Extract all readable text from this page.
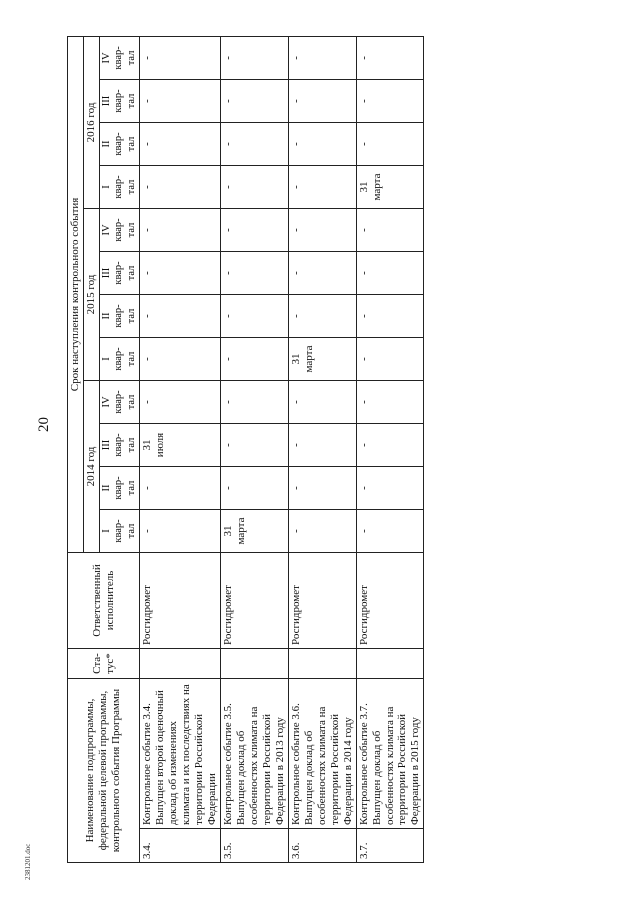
20
2381201.doc
Наименование подпрограммы, федеральной целевой программы, контрольного события Программы		Ста-тус*	Ответственный исполнитель	Срок наступления контрольного события											
				2014 год				2015 год				2016 год			

				I квар-тал	II квар-тал	III квар-тал	IV квар-тал	I квар-тал	II квар-тал	III квар-тал	IV квар-тал	I квар-тал	II квар-тал	III квар-тал	IV квар-тал

3.4.	Контрольное событие 3.4. Выпущен второй оценочный доклад об изменениях климата и их последствиях на территории Российской Федерации		Росгидромет	-	-	31 июля	-	-	-	-	-	-	-	-	-
3.5.	Контрольное событие 3.5. Выпущен доклад об особенностях климата на территории Российской Федерации в 2013 году		Росгидромет	31 марта	-	-	-	-	-	-	-	-	-	-	-
3.6.	Контрольное событие 3.6. Выпущен доклад об особенностях климата на территории Российской Федерации в 2014 году		Росгидромет	-	-	-	-	31 марта	-	-	-	-	-	-	-
3.7.	Контрольное событие 3.7. Выпущен доклад об особенностях климата на территории Российской Федерации в 2015 году		Росгидромет	-	-	-	-	-	-	-	-	31 марта	-	-	-
